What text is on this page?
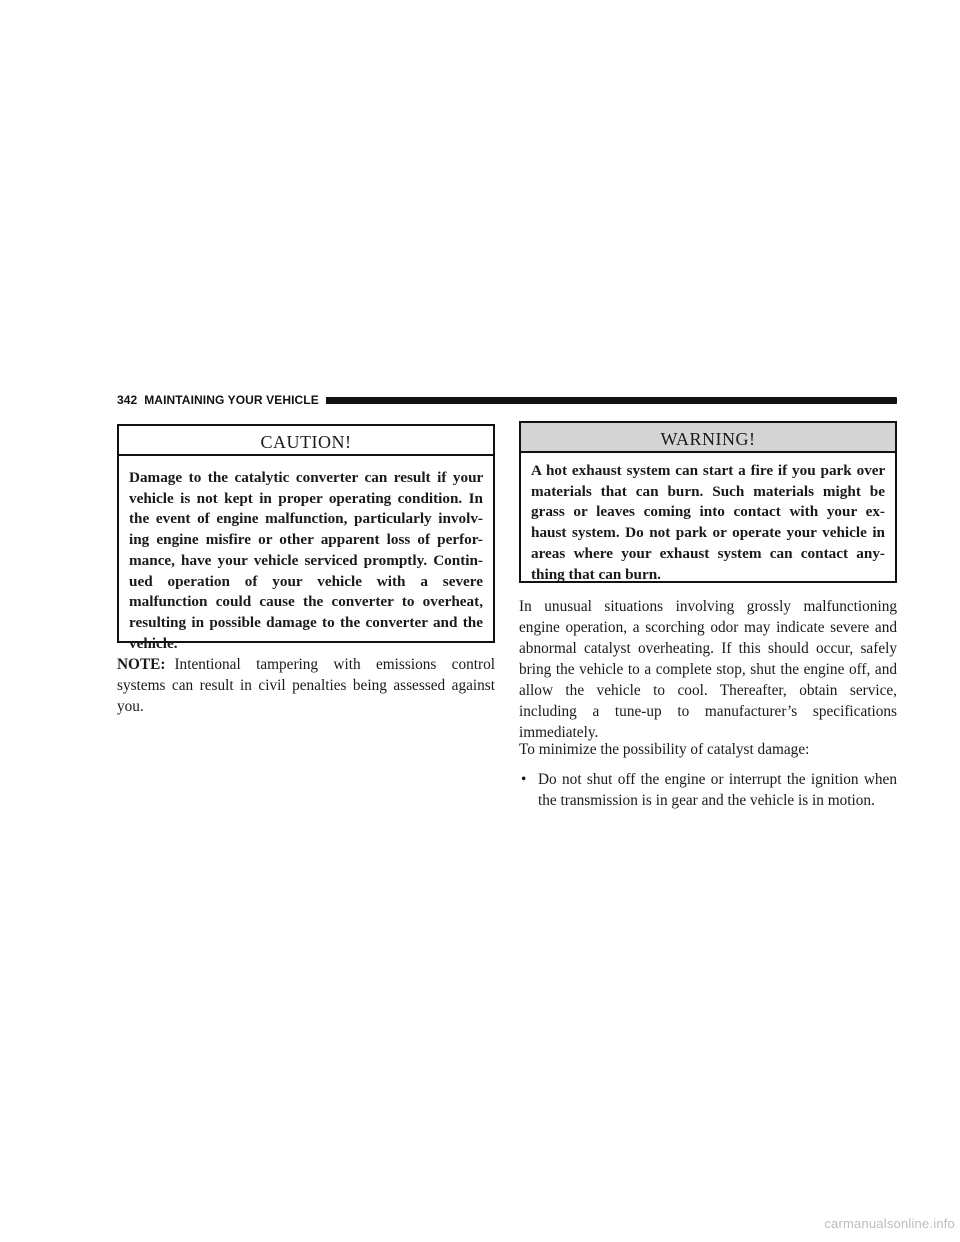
342 MAINTAINING YOUR VEHICLE
CAUTION!
Damage to the catalytic converter can result if your vehicle is not kept in proper operating condition. In the event of engine malfunction, particularly involv- ing engine misfire or other apparent loss of perfor- mance, have your vehicle serviced promptly. Contin- ued operation of your vehicle with a severe malfunction could cause the converter to overheat, resulting in possible damage to the converter and the vehicle.

NOTE: Intentional tampering with emissions control systems can result in civil penalties being assessed against you.

WARNING!
A hot exhaust system can start a fire if you park over materials that can burn. Such materials might be grass or leaves coming into contact with your ex- haust system. Do not park or operate your vehicle in areas where your exhaust system can contact any- thing that can burn.

In unusual situations involving grossly malfunctioning engine operation, a scorching odor may indicate severe and abnormal catalyst overheating. If this should occur, safely bring the vehicle to a complete stop, shut the engine off, and allow the vehicle to cool. Thereafter, obtain service, including a tune-up to manufacturer’s specifications immediately.

To minimize the possibility of catalyst damage:

• Do not shut off the engine or interrupt the ignition when the transmission is in gear and the vehicle is in motion.
carmanualsonline.info
